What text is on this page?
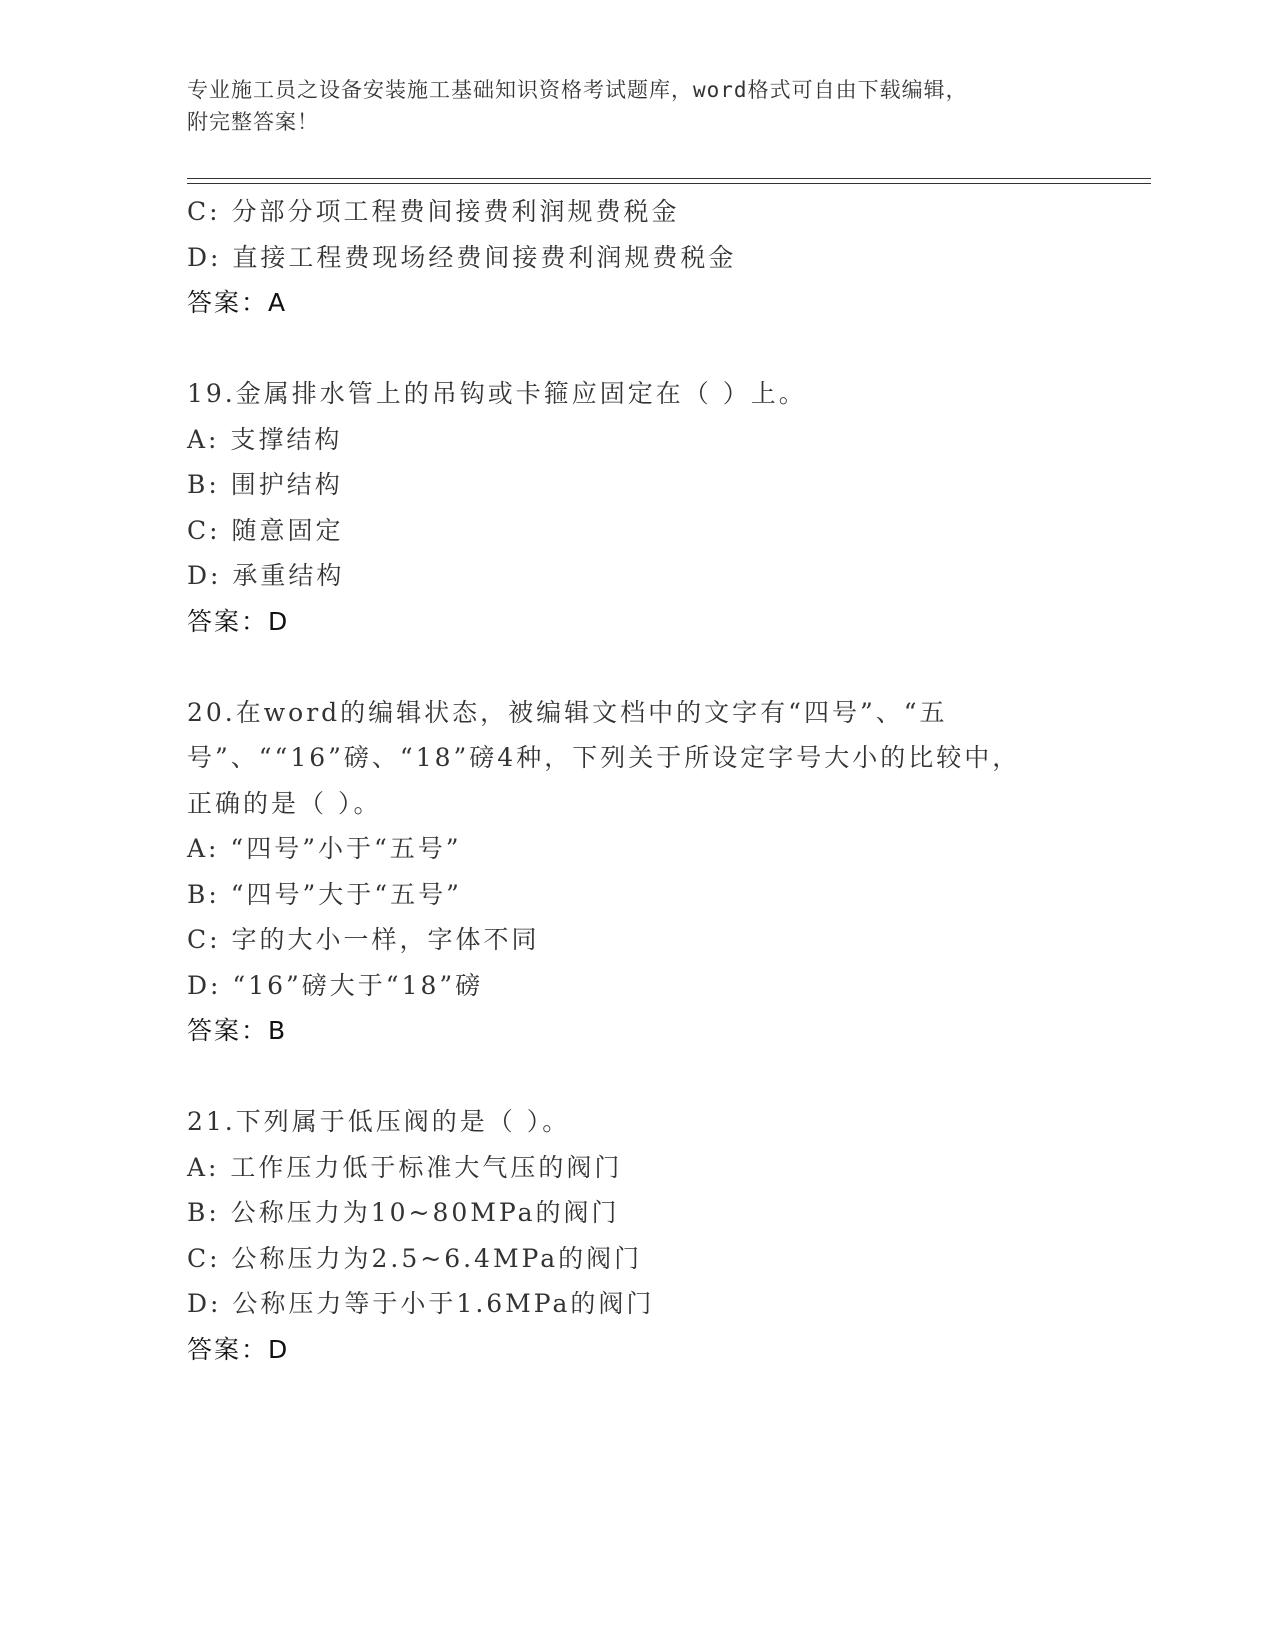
专业施工员之设备安装施工基础知识资格考试题库，word格式可自由下载编辑，
附完整答案！
C: 分部分项工程费间接费利润规费税金
D: 直接工程费现场经费间接费利润规费税金
答案：A
19.金属排水管上的吊钩或卡箍应固定在（ ）上。
A: 支撑结构
B: 围护结构
C: 随意固定
D: 承重结构
答案：D
20.在word的编辑状态，被编辑文档中的文字有“四号”、“五号”、““16”磅、“18”磅4种，下列关于所设定字号大小的比较中，正确的是（ ）。
A: “四号”小于“五号”
B: “四号”大于“五号”
C: 字的大小一样，字体不同
D: “16”磅大于“18”磅
答案：B
21.下列属于低压阀的是（ ）。
A: 工作压力低于标准大气压的阀门
B: 公称压力为10~80MPa的阀门
C: 公称压力为2.5~6.4MPa的阀门
D: 公称压力等于小于1.6MPa的阀门
答案：D
